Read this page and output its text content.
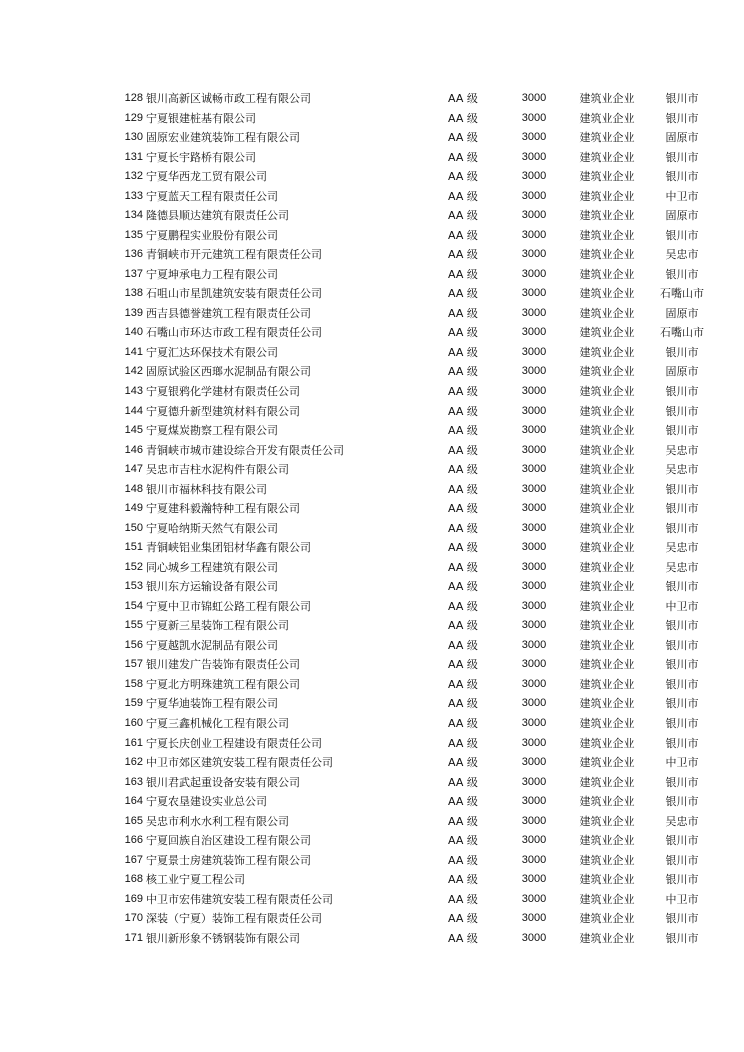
128	银川高新区诚畅市政工程有限公司	AA 级	3000	建筑业企业	银川市
129	宁夏银建桩基有限公司	AA 级	3000	建筑业企业	银川市
130	固原宏业建筑装饰工程有限公司	AA 级	3000	建筑业企业	固原市
131	宁夏长宇路桥有限公司	AA 级	3000	建筑业企业	银川市
132	宁夏华西龙工贸有限公司	AA 级	3000	建筑业企业	银川市
133	宁夏蓝天工程有限责任公司	AA 级	3000	建筑业企业	中卫市
134	隆德县顺达建筑有限责任公司	AA 级	3000	建筑业企业	固原市
135	宁夏鹏程实业股份有限公司	AA 级	3000	建筑业企业	银川市
136	青铜峡市开元建筑工程有限责任公司	AA 级	3000	建筑业企业	吴忠市
137	宁夏坤承电力工程有限公司	AA 级	3000	建筑业企业	银川市
138	石咀山市星凯建筑安装有限责任公司	AA 级	3000	建筑业企业	石嘴山市
139	西吉县德誉建筑工程有限责任公司	AA 级	3000	建筑业企业	固原市
140	石嘴山市环达市政工程有限责任公司	AA 级	3000	建筑业企业	石嘴山市
141	宁夏汇达环保技术有限公司	AA 级	3000	建筑业企业	银川市
142	固原试验区西瑯水泥制品有限公司	AA 级	3000	建筑业企业	固原市
143	宁夏银鸦化学建材有限责任公司	AA 级	3000	建筑业企业	银川市
144	宁夏德升新型建筑材料有限公司	AA 级	3000	建筑业企业	银川市
145	宁夏煤炭勘察工程有限公司	AA 级	3000	建筑业企业	银川市
146	青铜峡市城市建设综合开发有限责任公司	AA 级	3000	建筑业企业	吴忠市
147	吴忠市吉柱水泥构件有限公司	AA 级	3000	建筑业企业	吴忠市
148	银川市福林科技有限公司	AA 级	3000	建筑业企业	银川市
149	宁夏建科毅瀚特种工程有限公司	AA 级	3000	建筑业企业	银川市
150	宁夏哈纳斯天然气有限公司	AA 级	3000	建筑业企业	银川市
151	青铜峡铝业集团铝材华鑫有限公司	AA 级	3000	建筑业企业	吴忠市
152	同心城乡工程建筑有限公司	AA 级	3000	建筑业企业	吴忠市
153	银川东方运输设备有限公司	AA 级	3000	建筑业企业	银川市
154	宁夏中卫市锦虹公路工程有限公司	AA 级	3000	建筑业企业	中卫市
155	宁夏新三星装饰工程有限公司	AA 级	3000	建筑业企业	银川市
156	宁夏越凯水泥制品有限公司	AA 级	3000	建筑业企业	银川市
157	银川建发广告装饰有限责任公司	AA 级	3000	建筑业企业	银川市
158	宁夏北方明珠建筑工程有限公司	AA 级	3000	建筑业企业	银川市
159	宁夏华迪装饰工程有限公司	AA 级	3000	建筑业企业	银川市
160	宁夏三鑫机械化工程有限公司	AA 级	3000	建筑业企业	银川市
161	宁夏长庆创业工程建设有限责任公司	AA 级	3000	建筑业企业	银川市
162	中卫市郊区建筑安装工程有限责任公司	AA 级	3000	建筑业企业	中卫市
163	银川君武起重设备安装有限公司	AA 级	3000	建筑业企业	银川市
164	宁夏农垦建设实业总公司	AA 级	3000	建筑业企业	银川市
165	吴忠市利水水利工程有限公司	AA 级	3000	建筑业企业	吴忠市
166	宁夏回族自治区建设工程有限公司	AA 级	3000	建筑业企业	银川市
167	宁夏景士房建筑装饰工程有限公司	AA 级	3000	建筑业企业	银川市
168	核工业宁夏工程公司	AA 级	3000	建筑业企业	银川市
169	中卫市宏伟建筑安装工程有限责任公司	AA 级	3000	建筑业企业	中卫市
170	深装（宁夏）装饰工程有限责任公司	AA 级	3000	建筑业企业	银川市
171	银川新形象不锈钢装饰有限公司	AA 级	3000	建筑业企业	银川市
